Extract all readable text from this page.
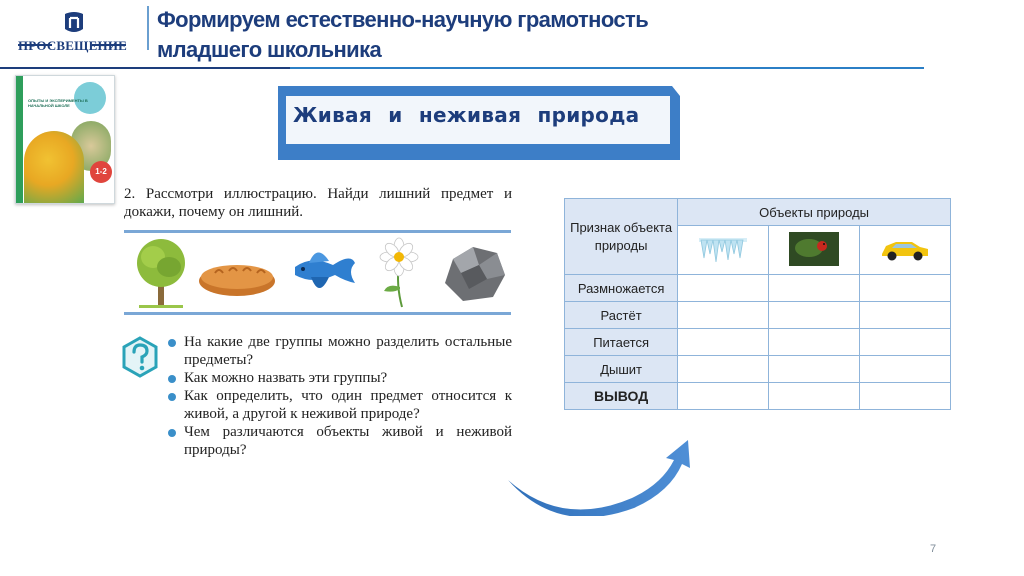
ПРОСВЕЩЕНИЕ
Формируем естественно-научную грамотность
младшего школьника
ОПЫТЫ И ЭКСПЕРИМЕНТЫ В НАЧАЛЬНОЙ ШКОЛЕ
1-2
Живая и неживая природа
2. Рассмотри иллюстрацию. Найди лишний предмет и докажи, почему он лишний.
На какие две группы можно разделить остальные предметы?
Как можно назвать эти группы?
Как определить, что один предмет относится к живой, а другой к неживой природе?
Чем различаются объекты живой и неживой природы?
Признак объекта природы	Объекты природы		

Размножается			
Растёт			
Питается			
Дышит			
ВЫВОД			
7
